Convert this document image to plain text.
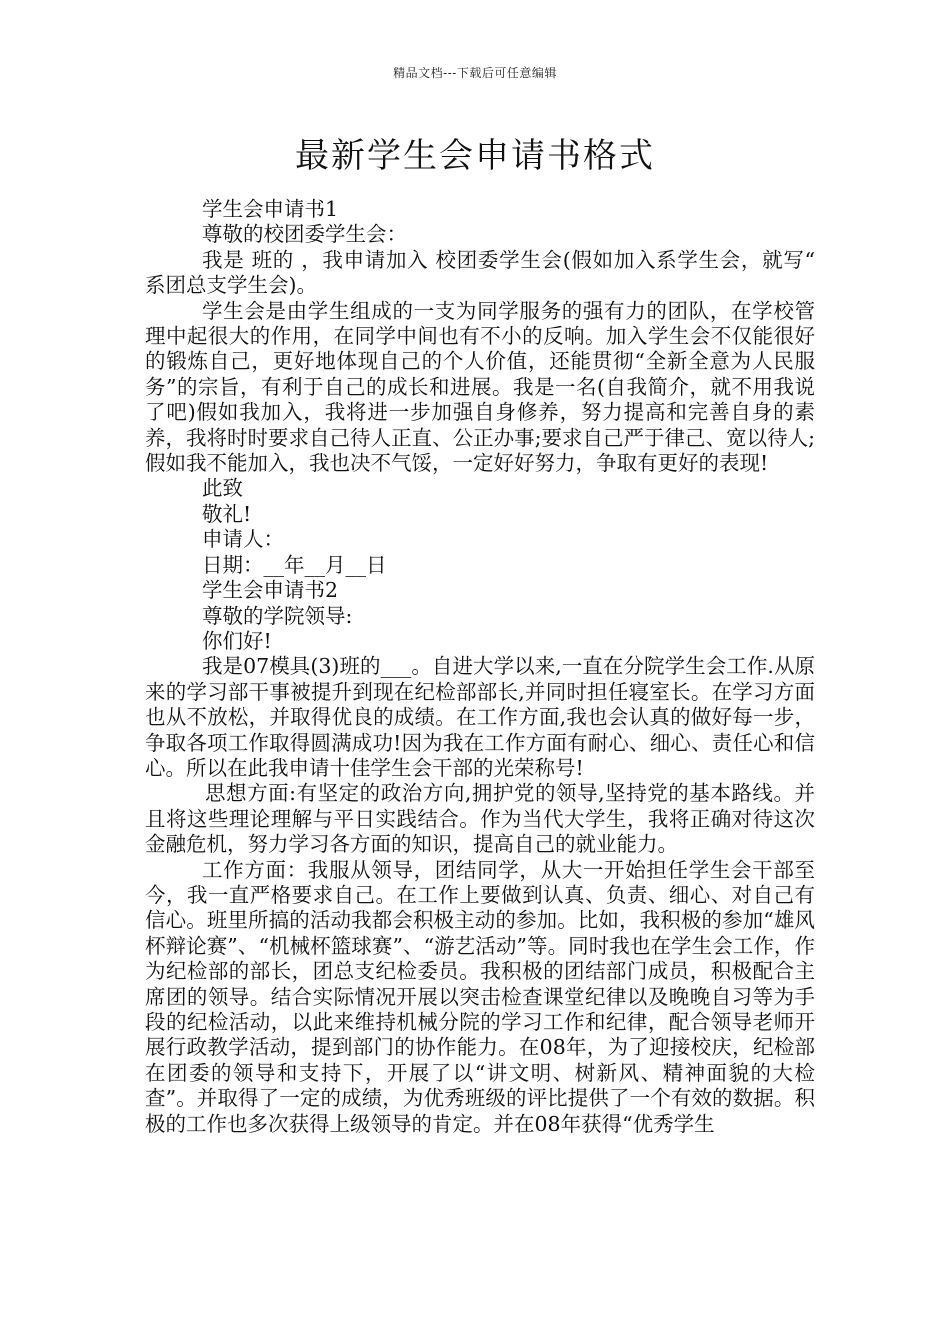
精品文档---下载后可任意编辑
最新学生会申请书格式

学生会申请书1

尊敬的校团委学生会：

我是 班的 ，我申请加入 校团委学生会(假如加入系学生会，就写“ 系团总支学生会)。

学生会是由学生组成的一支为同学服务的强有力的团队，在学校管理中起很大的作用，在同学中间也有不小的反响。加入学生会不仅能很好的锻炼自己，更好地体现自己的个人价值，还能贯彻“全新全意为人民服务”的宗旨，有利于自己的成长和进展。我是一名(自我简介，就不用我说了吧)假如我加入，我将进一步加强自身修养，努力提高和完善自身的素养，我将时时要求自己待人正直、公正办事;要求自己严于律己、宽以待人;假如我不能加入，我也决不气馁，一定好好努力，争取有更好的表现!

此致

敬礼!

申请人：

日期：__年__月__日

学生会申请书2

尊敬的学院领导:

你们好!

我是07模具(3)班的___。自进大学以来,一直在分院学生会工作.从原来的学习部干事被提升到现在纪检部部长,并同时担任寝室长。在学习方面也从不放松，并取得优良的成绩。在工作方面,我也会认真的做好每一步，争取各项工作取得圆满成功!因为我在工作方面有耐心、细心、责任心和信心。所以在此我申请十佳学生会干部的光荣称号!

思想方面:有坚定的政治方向,拥护党的领导,坚持党的基本路线。并且将这些理论理解与平日实践结合。作为当代大学生，我将正确对待这次金融危机，努力学习各方面的知识，提高自己的就业能力。

工作方面：我服从领导，团结同学，从大一开始担任学生会干部至今，我一直严格要求自己。在工作上要做到认真、负责、细心、对自己有信心。班里所搞的活动我都会积极主动的参加。比如，我积极的参加“雄风杯辩论赛”、“机械杯篮球赛”、“游艺活动”等。同时我也在学生会工作，作为纪检部的部长，团总支纪检委员。我积极的团结部门成员，积极配合主席团的领导。结合实际情况开展以突击检查课堂纪律以及晚晚自习等为手段的纪检活动，以此来维持机械分院的学习工作和纪律，配合领导老师开展行政教学活动，提到部门的协作能力。在08年，为了迎接校庆，纪检部在团委的领导和支持下，开展了以“讲文明、树新风、精神面貌的大检查”。并取得了一定的成绩，为优秀班级的评比提供了一个有效的数据。积极的工作也多次获得上级领导的肯定。并在08年获得“优秀学生
